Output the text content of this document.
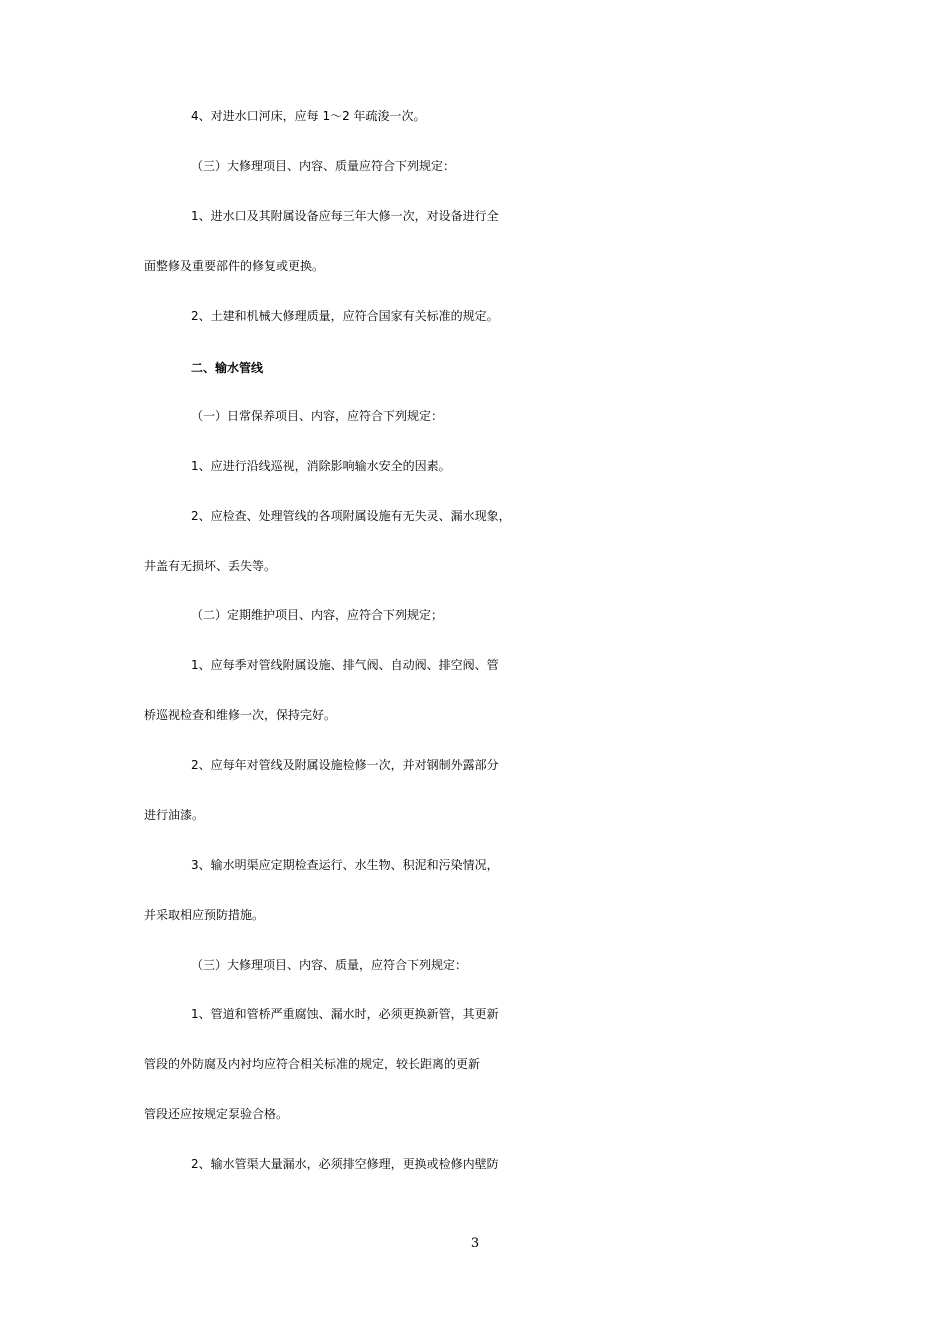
4、对进水口河床，应每 1～2 年疏浚一次。
（三）大修理项目、内容、质量应符合下列规定：
1、进水口及其附属设备应每三年大修一次，对设备进行全
面整修及重要部件的修复或更换。
2、土建和机械大修理质量，应符合国家有关标准的规定。
二、输水管线
（一）日常保养项目、内容，应符合下列规定：
1、应进行沿线巡视，消除影响输水安全的因素。
2、应检查、处理管线的各项附属设施有无失灵、漏水现象，
井盖有无损坏、丢失等。
（二）定期维护项目、内容，应符合下列规定；
1、应每季对管线附属设施、排气阀、自动阀、排空阀、管
桥巡视检查和维修一次，保持完好。
2、应每年对管线及附属设施检修一次，并对钢制外露部分
进行油漆。
3、输水明渠应定期检查运行、水生物、积泥和污染情况，
并采取相应预防措施。
（三）大修理项目、内容、质量，应符合下列规定：
1、管道和管桥严重腐蚀、漏水时，必须更换新管，其更新
管段的外防腐及内衬均应符合相关标准的规定，较长距离的更新
管段还应按规定泵验合格。
2、输水管渠大量漏水，必须排空修理，更换或检修内壁防
3
